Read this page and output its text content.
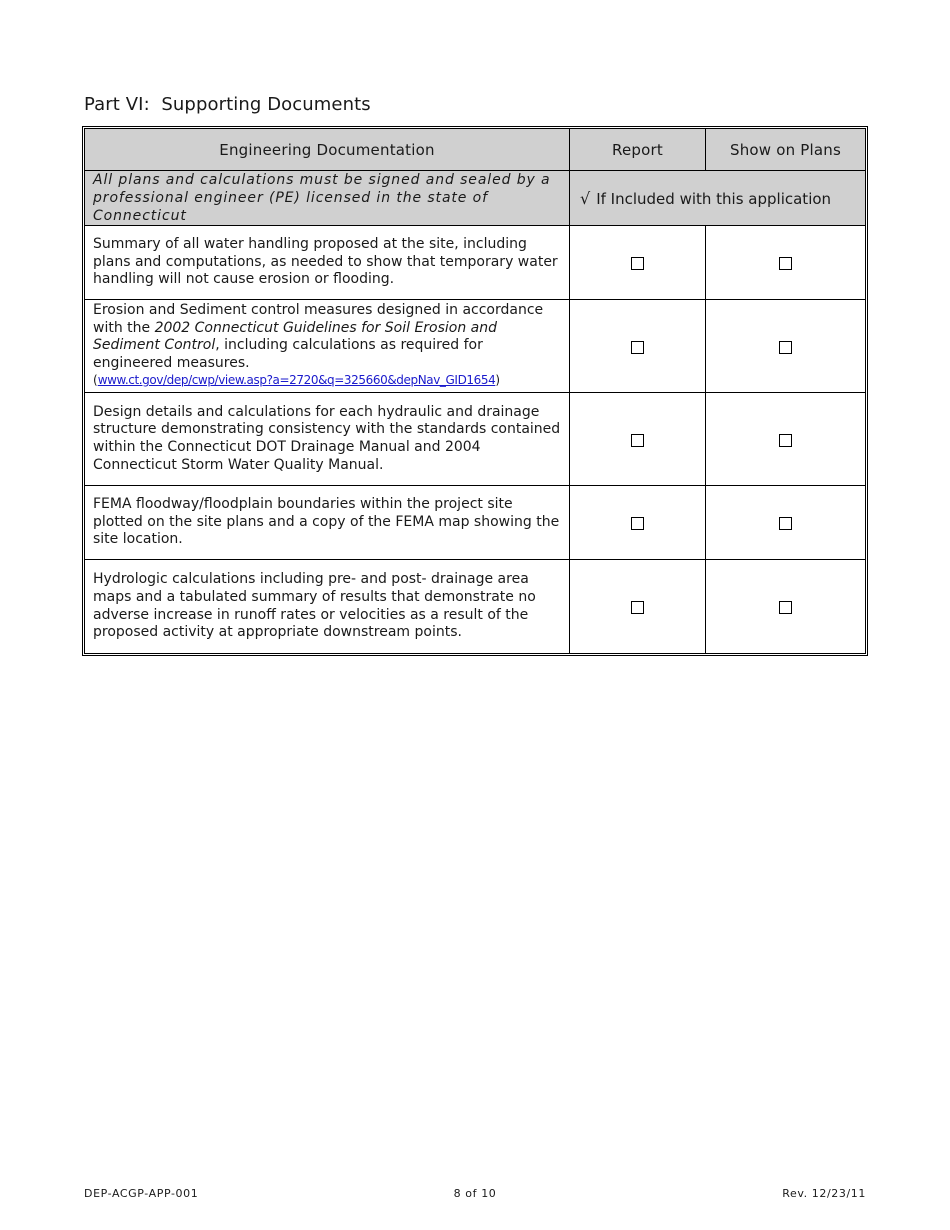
Part VI:  Supporting Documents
Engineering Documentation	Report	Show on Plans
All plans and calculations must be signed and sealed by a professional engineer (PE) licensed in the state of Connecticut	√ If Included with this application	
Summary of all water handling proposed at the site, including plans and computations, as needed to show that temporary water handling will not cause erosion or flooding.		
Erosion and Sediment control measures designed in accordance with the 2002 Connecticut Guidelines for Soil Erosion and Sediment Control, including calculations as required for engineered measures.
(www.ct.gov/dep/cwp/view.asp?a=2720&q=325660&depNav_GID1654)		
Design details and calculations for each hydraulic and drainage structure demonstrating consistency with the standards contained within the Connecticut DOT Drainage Manual and 2004 Connecticut Storm Water Quality Manual.		
FEMA floodway/floodplain boundaries within the project site plotted on the site plans and a copy of the FEMA map showing the site location.		
Hydrologic calculations including pre- and post- drainage area maps and a tabulated summary of results that demonstrate no adverse increase in runoff rates or velocities as a result of the proposed activity at appropriate downstream points.		
DEP-ACGP-APP-001	8 of 10	Rev. 12/23/11
